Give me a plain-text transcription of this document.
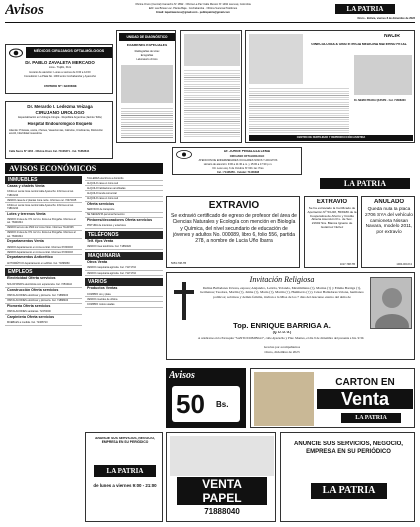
Avisos	Oficina Oruro (Central) Camacho Nº 1892 · Oficina La Paz Calle Mexico Nº 1492 casi esq. Colombia
Edif. Las Brisas Loc. Planta Baja · Cochabamba · Oficina Sucursal Teléfonos
Email: lapatriaavisos@gmail.com · publicpatria@gmail.com	LA PATRIA
Oruro - Bolivia, viernes 8 de diciembre de 2023
MÉDICOS CIRUJANOS OFTALMÓLOGOS
Dr. PABLO ZAVALETA MERCADO
Lima - Trujillo, Perú
Horario de atención: Lunes a viernes de 9:30 a 12:00
Consultorio: La Plata No. 1000 entre Cochabamba y Ayacucho
Telefono Nº: 5250658
Dr. Merardo I. Ledezma Veizaga
CIRUJANO UROLOGO
Especialización en Urología Cirugía · República Argentina (Jacinto Tolfa)
Hospital Endourológico Esquelo
Atiende: Próstata, uretra, riñones, Vasectomías, Cálculos, Urodinamia, Disfunción eréctil, Infertilidad masculina
Calle Sucre Nº 1204 · Oficina Oruro Cel. 74106271 · Cel. 71863644
AVISOS ECONÓMICOS
INMUEBLES
Casas y chalets Venta
CASA en venta zona central calle Ayacucho. Informes al cel. 71816244
VENDO casa de 2 plantas zona norte. Informes cel. 72472045
CASA en venta zona central calle Ayacucho. Informes al cel. 71816244
Lotes y terrenos Venta
VENDO 2 lotes de 371 m2 c/u. Zona La Pongaña. Informes al cel. 78400344
VENDO terreno de 2500 m2 zona Vinto. Informes 71141545
VENDO 2 lotes de 371 m2 c/u. Zona La Pongaña. Informes al cel. 78400344
Departamentos Venta
VENDO departamento en zona central. Informes 67200003
VENDO departamento en zona central. Informes 67200003
Departamentos Anticrético
ANTICRÉTICO departamento en edificio. Cel. 71896660
EMPLEOS
Electricidad Oferta servicios
SOLICITAMOS electricista con experiencia. Cel. 72534110
Construcción Oferta servicios
INSTALACIONES eléctricas y plomería. Cel. 71888400
INSTALACIONES eléctricas y plomería. Cel. 71888400
Plomería Oferta servicios
INSTALACIONES sanitarias. 72470000
Carpintería Oferta servicios
MUEBLES a medida. Cel. 72468710
TALLERES eléctricos a domicilio
ALQUILO casa en zona sud
ALQUILO habitaciones amobladas
ALQUILO tienda comercial
ALQUILO casa en zona sud
Oferta servicios
SERVICIO de transporte
SE NECESITA personal femenino
Pintores/decoradores Oferta servicios
PINTURA de interiores y exteriores
TELÉFONOS
Telf. fijos Venta
VENDO línea telefónica. Cel. 71860020
MAQUINARIA
Otros Venta
VENDO maquinaria agrícola. Cel. 71171710
VENDO maquinaria agrícola. Cel. 71171710
VARIOS
Productos Ventas
COMPRO oro y plata
VENDO muebles de oficina
COMPRO motos usadas
UNIDAD DE DIAGNÓSTICO
EXAMENES ESPECIALES
Radiografías de tórax
Ecografías
Laboratorio clínico
NACIR
GINECOLOGÍA & OBSTETRICIA MEDICINA MATERNO FETAL
CENTRO DE FERTILIDAD Y REPRODUCCIÓN ASISTIDA
Dr. NEMO PRADA QUISPE · Cel. 71808330
Dr. JORGE PEÑALOZA LEMA
CIRUJANO OFTALMÓLOGO
ATENCIÓN DE ENFERMEDADES OCULARES NIÑOS Y ADULTOS
Horario de atención: 9:00 a 11:30 a.m. y 15:00 a 17:30 p.m.
Dir. Leon esq. 6 de Octubre Nº 631 1er. Piso
Cel.: 71436350 · Celular: 71436398
LA PATRIA
EXTRAVÍO
Se extravió certificado de egreso de profesor del área de Ciencias Naturales y Ecología con mención en Biología y Química, del nivel secundario de educación de jóvenes y adultos No. 000089, libro 6, folio 556, partida 278, a nombre de Lucia Uño Ibarra
5053-708-TB
EXTRAVÍO
Se ha extraviado la Certificado de Aportación Nº 5/1/28, 55/8180 de la Cooperativa de Ahorro y Crédito Abierta Asunción R.L. de Soc. 21602 Sra. Blanca Ignacio de Gutiérrez Nuñez
1017-798-TB
ANULADO
Queda nula la placa 2706 SYA del vehículo camioneta Nissan Navara, modelo 2011, por extravío
1000-000-8-3
Invitación Religiosa
Delina Balladares Uriona, esposa; Alejandro, Leticia, Yolanda, Maximiliana (†), Marina (†) y Emma Barriga (†), hermanos; Teodora, Marlin (†), Jaime (†), María (†), Martín (†), Humberto (†) y César Balladares Uriona, hermanos políticos; sobrinos y demás familia, invitan a la Misa de los 7 días del descanso eterno del alma de
Top. ENRIQUE BARRIGA A.
(Q. D. D. G.)
A celebrarse en la Parroquia "SANTO DOMINGO", calle Ayacucho y Plaz. Montes, el día 9 de diciembre del presente a hrs. 9:30.
Gracias por acompañarnos
Oruro, diciembre de 2023
Avisos
50	Bs.
CARTÓN EN
Venta
LA PATRIA
ANUNCIE SUS SERVICIOS, NEGOCIO, EMPRESA EN SU PERIÓDICO
LA PATRIA
de lunes a viernes 9:00 - 21:00	VENTA
PAPEL
71888040
ANUNCIE SUS SERVICIOS, NEGOCIO, EMPRESA EN SU PERIÓDICO
LA PATRIA
